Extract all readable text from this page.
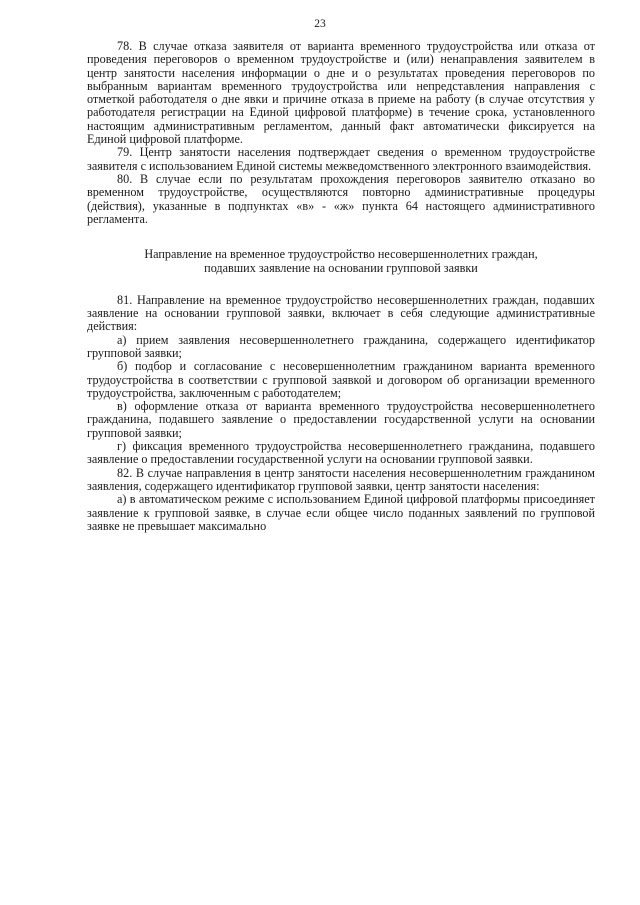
23

78. В случае отказа заявителя от варианта временного трудоустройства или отказа от проведения переговоров о временном трудоустройстве и (или) ненаправления заявителем в центр занятости населения информации о дне и о результатах проведения переговоров по выбранным вариантам временного трудоустройства или непредставления направления с отметкой работодателя о дне явки и причине отказа в приеме на работу (в случае отсутствия у работодателя регистрации на Единой цифровой платформе) в течение срока, установленного настоящим административным регламентом, данный факт автоматически фиксируется на Единой цифровой платформе.

79. Центр занятости населения подтверждает сведения о временном трудоустройстве заявителя с использованием Единой системы межведомственного электронного взаимодействия.

80. В случае если по результатам прохождения переговоров заявителю отказано во временном трудоустройстве, осуществляются повторно административные процедуры (действия), указанные в подпунктах «в» - «ж» пункта 64 настоящего административного регламента.

Направление на временное трудоустройство несовершеннолетних граждан,
подавших заявление на основании групповой заявки

81. Направление на временное трудоустройство несовершеннолетних граждан, подавших заявление на основании групповой заявки, включает в себя следующие административные действия:

а) прием заявления несовершеннолетнего гражданина, содержащего идентификатор групповой заявки;

б) подбор и согласование с несовершеннолетним гражданином варианта временного трудоустройства в соответствии с групповой заявкой и договором об организации временного трудоустройства, заключенным с работодателем;

в) оформление отказа от варианта временного трудоустройства несовершеннолетнего гражданина, подавшего заявление о предоставлении государственной услуги на основании групповой заявки;

г) фиксация временного трудоустройства несовершеннолетнего гражданина, подавшего заявление о предоставлении государственной услуги на основании групповой заявки.

82. В случае направления в центр занятости населения несовершеннолетним гражданином заявления, содержащего идентификатор групповой заявки, центр занятости населения:

а) в автоматическом режиме с использованием Единой цифровой платформы присоединяет заявление к групповой заявке, в случае если общее число поданных заявлений по групповой заявке не превышает максимально
